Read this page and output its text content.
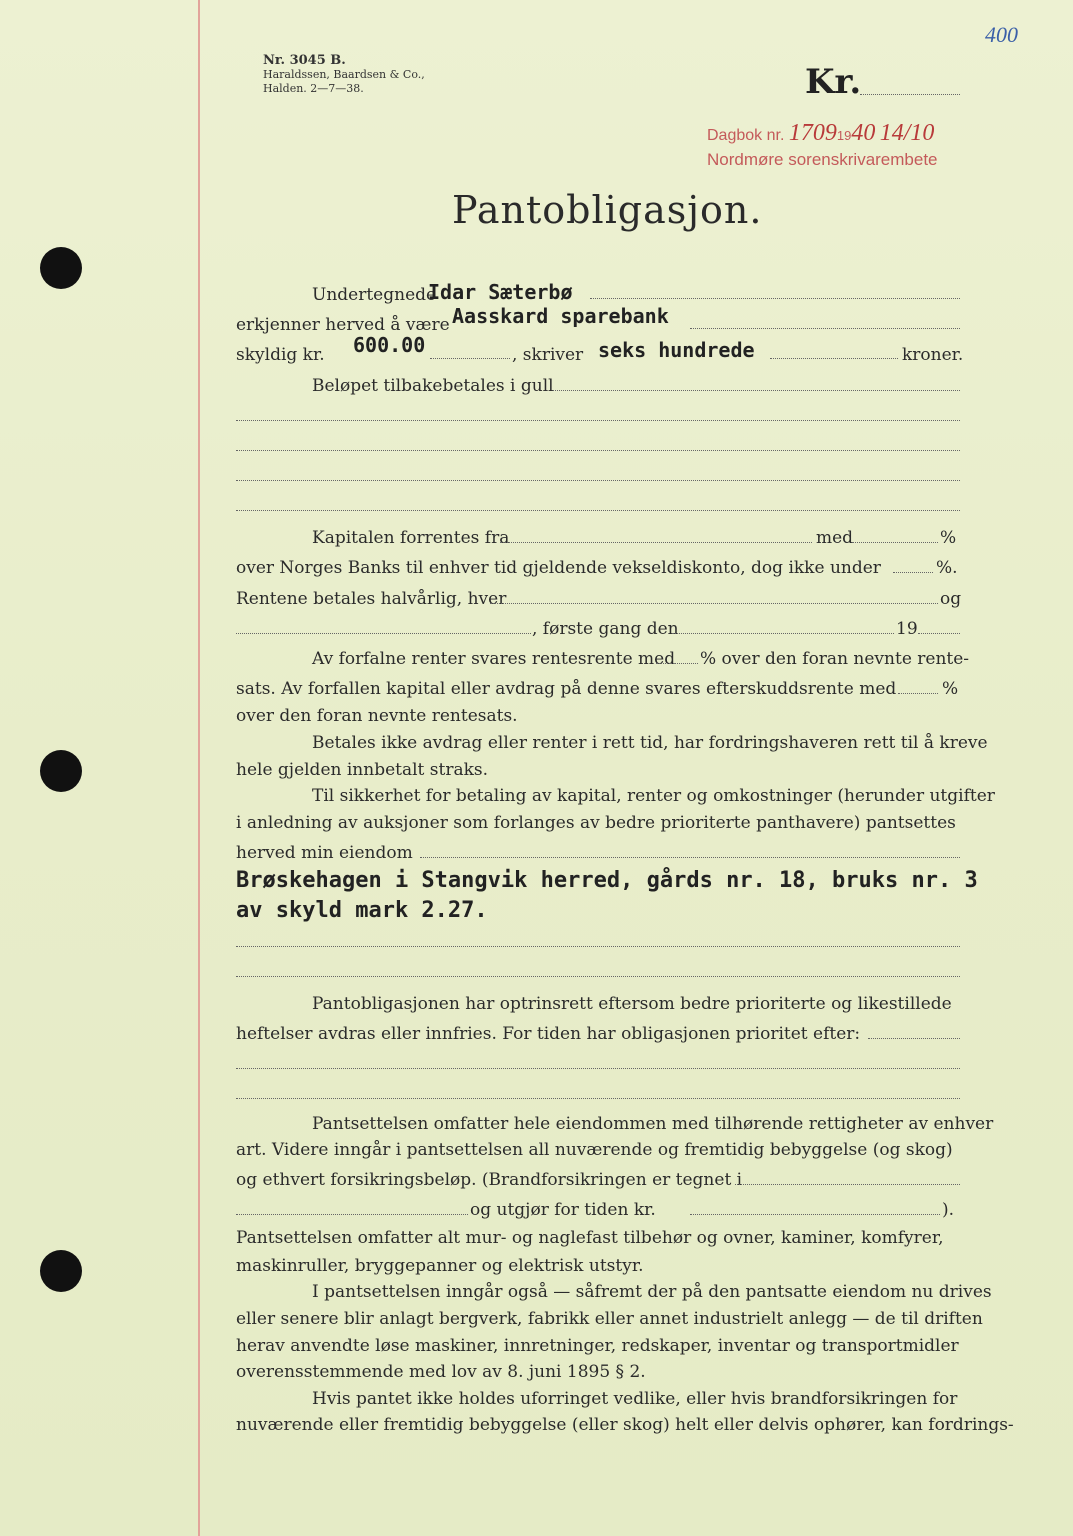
Nr. 3045 B.
Haraldssen, Baardsen & Co.,
Halden. 2—7—38.	Kr.
400
Dagbok nr. 17091940 14/10
Nordmøre sorenskrivarembete
Pantobligasjon.
Undertegnede
Idar Sæterbø
erkjenner herved å være Aasskard sparebank
skyldig kr. 600.00	, skriver seks hundrede	kroner.
Beløpet tilbakebetales i gull
Kapitalen forrentes fra	med	%
over Norges Banks til enhver tid gjeldende vekseldiskonto, dog ikke under	%.
Rentene betales halvårlig, hver	og
, første gang den	19
Av forfalne renter svares rentesrente med % over den foran nevnte rente-
sats. Av forfallen kapital eller avdrag på denne svares efterskuddsrente med	%
over den foran nevnte rentesats.
Betales ikke avdrag eller renter i rett tid, har fordringshaveren rett til å kreve
hele gjelden innbetalt straks.
Til sikkerhet for betaling av kapital, renter og omkostninger (herunder utgifter
i anledning av auksjoner som forlanges av bedre prioriterte panthavere) pantsettes
herved min eiendom
Brøskehagen i Stangvik herred, gårds nr. 18, bruks nr. 3
av skyld mark 2.27.
Pantobligasjonen har optrinsrett eftersom bedre prioriterte og likestillede
heftelser avdras eller innfries. For tiden har obligasjonen prioritet efter:
Pantsettelsen omfatter hele eiendommen med tilhørende rettigheter av enhver
art. Videre inngår i pantsettelsen all nuværende og fremtidig bebyggelse (og skog)
og ethvert forsikringsbeløp. (Brandforsikringen er tegnet i
og utgjør for tiden kr.	).
Pantsettelsen omfatter alt mur- og naglefast tilbehør og ovner, kaminer, komfyrer,
maskinruller, bryggepanner og elektrisk utstyr.
I pantsettelsen inngår også — såfremt der på den pantsatte eiendom nu drives
eller senere blir anlagt bergverk, fabrikk eller annet industrielt anlegg — de til driften
herav anvendte løse maskiner, innretninger, redskaper, inventar og transportmidler
overensstemmende med lov av 8. juni 1895 § 2.
Hvis pantet ikke holdes uforringet vedlike, eller hvis brandforsikringen for
nuværende eller fremtidig bebyggelse (eller skog) helt eller delvis ophører, kan fordrings-
